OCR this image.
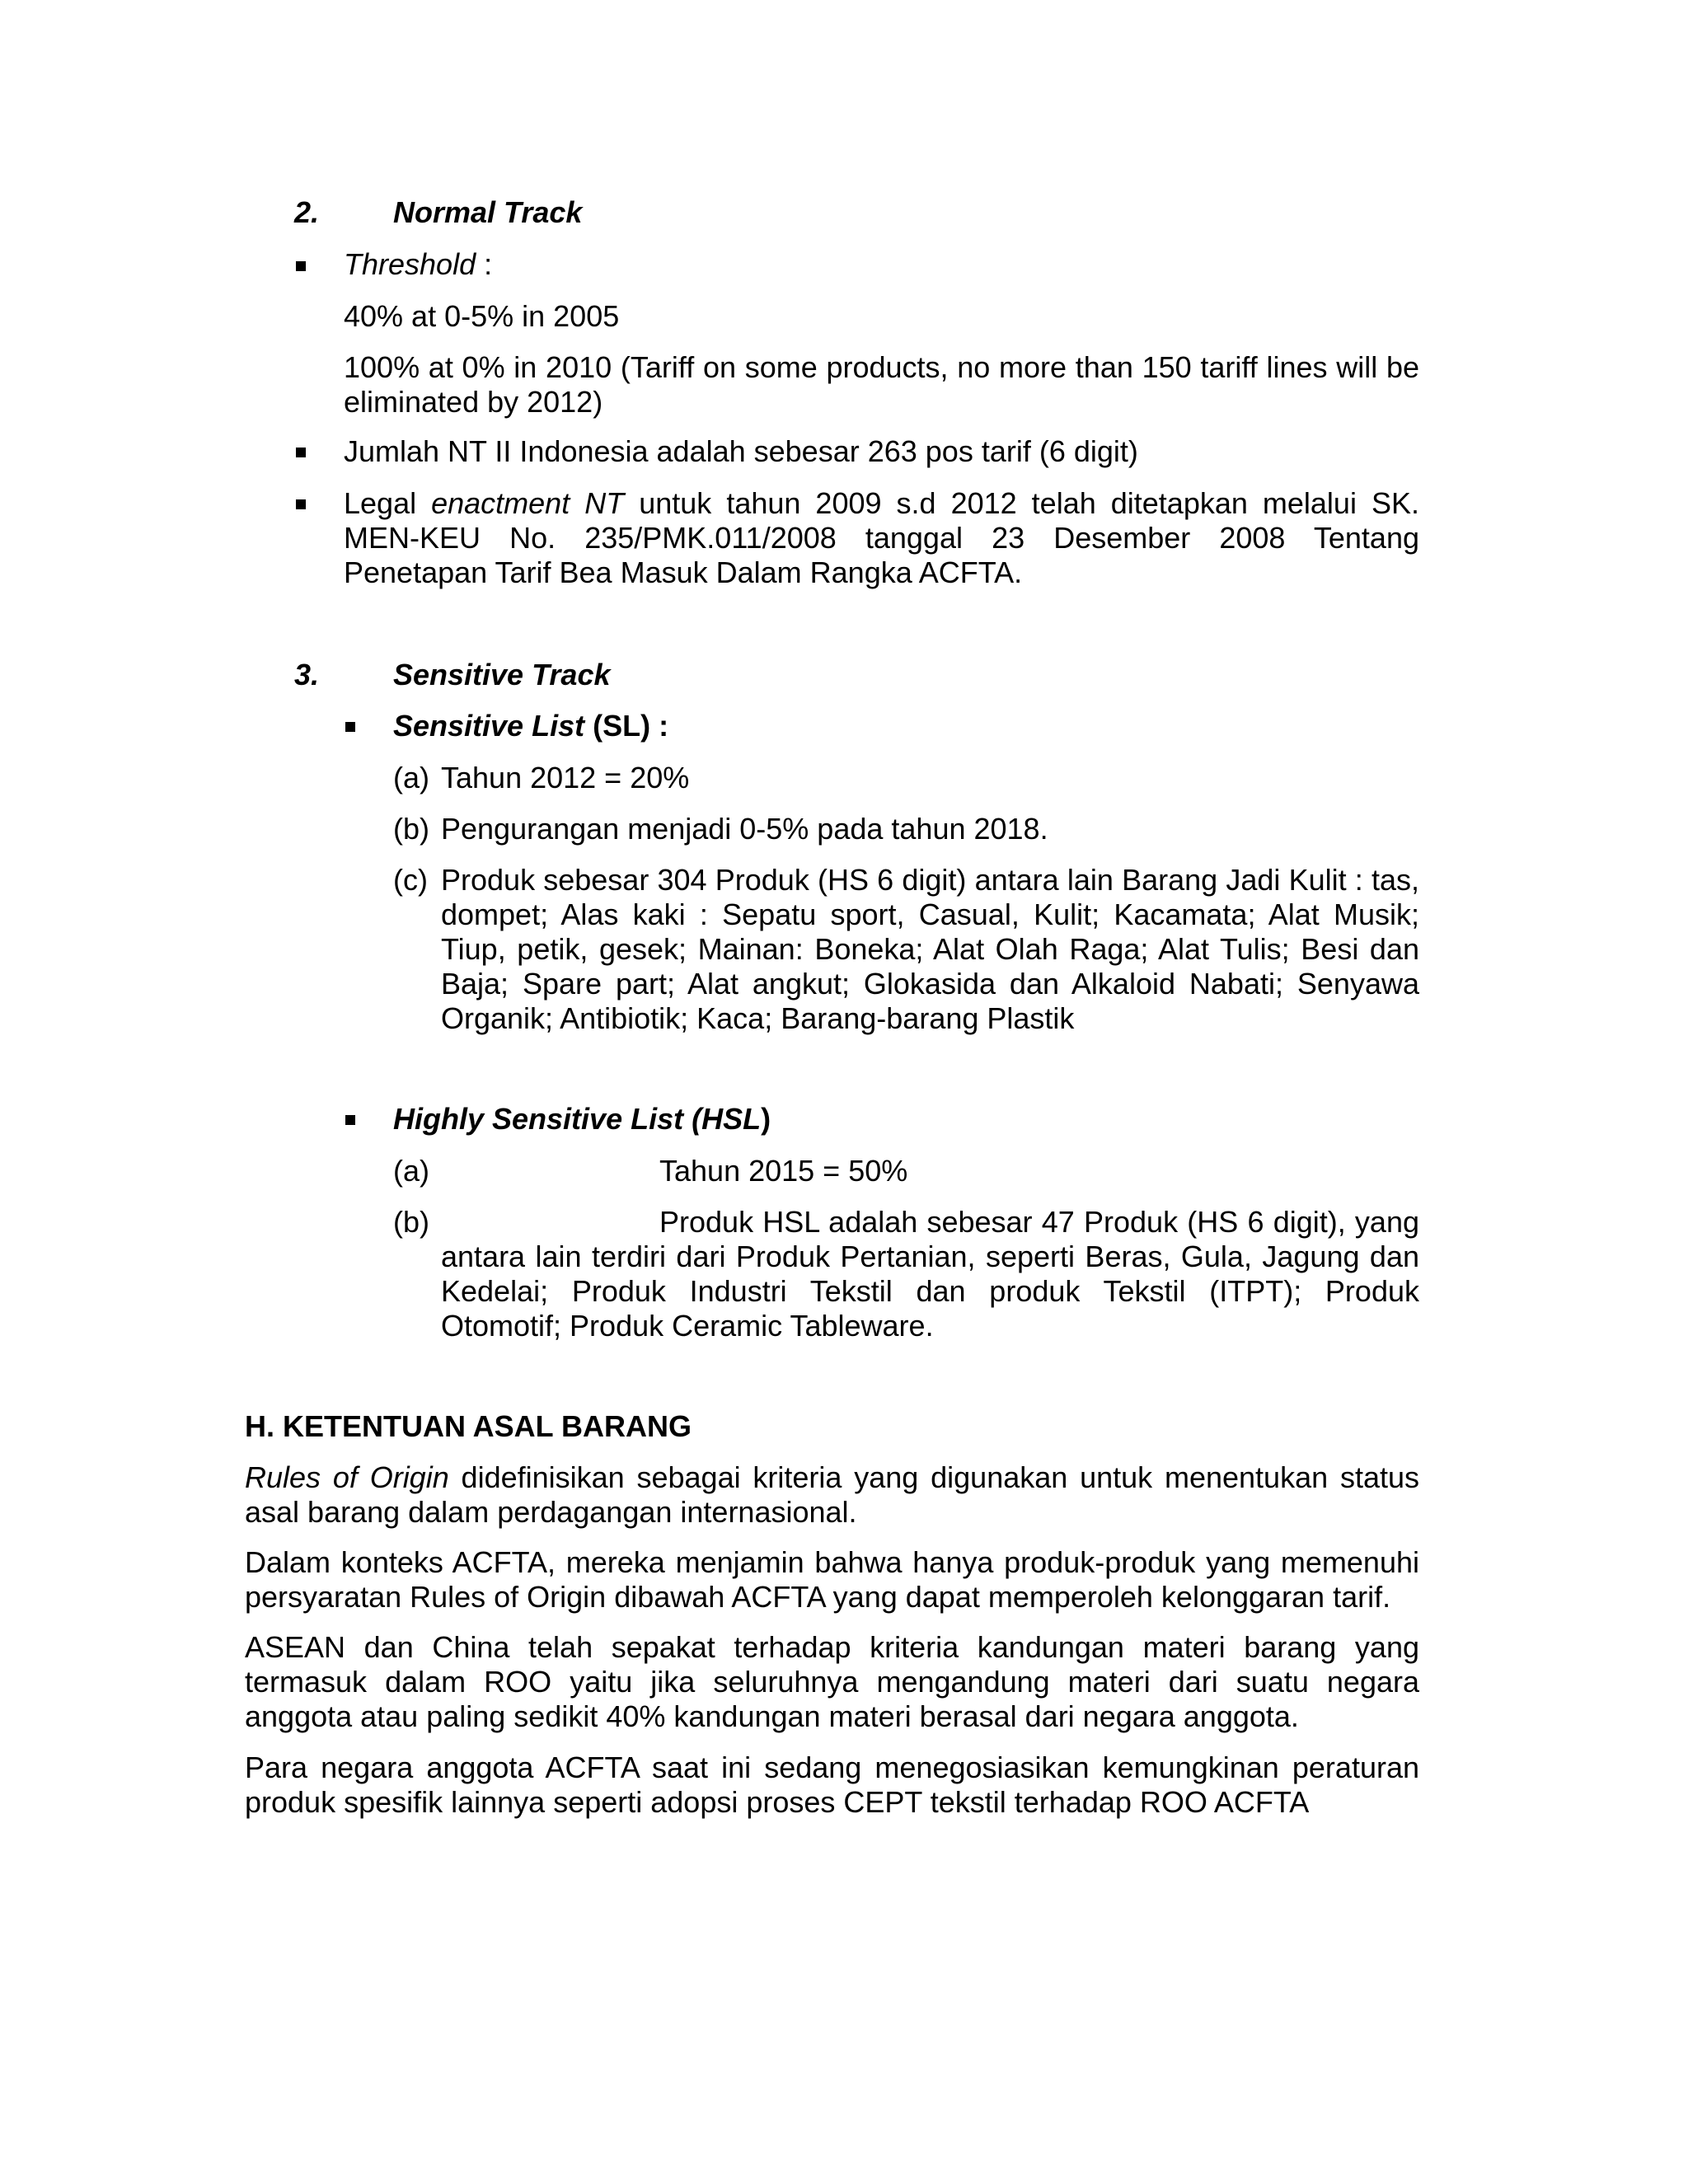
2. Normal Track
Threshold :
40% at 0-5% in 2005
100% at 0% in 2010 (Tariff on some products, no more than 150 tariff lines will be eliminated by 2012)
Jumlah NT II Indonesia adalah sebesar 263 pos tarif (6 digit)
Legal enactment NT untuk tahun 2009 s.d 2012 telah ditetapkan melalui SK. MEN-KEU No. 235/PMK.011/2008 tanggal 23 Desember 2008 Tentang Penetapan Tarif Bea Masuk Dalam Rangka ACFTA.
3. Sensitive Track
Sensitive List (SL) :
(a) Tahun 2012 = 20%
(b) Pengurangan menjadi 0-5% pada tahun 2018.
(c) Produk sebesar 304 Produk (HS 6 digit) antara lain Barang Jadi Kulit : tas, dompet; Alas kaki : Sepatu sport, Casual, Kulit; Kacamata; Alat Musik; Tiup, petik, gesek; Mainan: Boneka; Alat Olah Raga; Alat Tulis; Besi dan Baja; Spare part; Alat angkut; Glokasida dan Alkaloid Nabati; Senyawa Organik; Antibiotik; Kaca; Barang-barang Plastik
Highly Sensitive List (HSL)
(a)	Tahun 2015 = 50%
(b)	Produk HSL adalah sebesar 47 Produk (HS 6 digit), yang
antara lain terdiri dari Produk Pertanian, seperti Beras, Gula, Jagung dan Kedelai; Produk Industri Tekstil dan produk Tekstil (ITPT); Produk Otomotif; Produk Ceramic Tableware.
H. KETENTUAN ASAL BARANG
Rules of Origin didefinisikan sebagai kriteria yang digunakan untuk menentukan status asal barang dalam perdagangan internasional.
Dalam konteks ACFTA, mereka menjamin bahwa hanya produk-produk yang memenuhi persyaratan Rules of Origin dibawah ACFTA yang dapat memperoleh kelonggaran tarif.
ASEAN dan China telah sepakat terhadap kriteria kandungan materi barang yang termasuk dalam ROO yaitu jika seluruhnya mengandung materi dari suatu negara anggota atau paling sedikit 40% kandungan materi berasal dari negara anggota.
Para negara anggota ACFTA saat ini sedang menegosiasikan kemungkinan peraturan produk spesifik lainnya seperti adopsi proses CEPT tekstil terhadap ROO ACFTA
